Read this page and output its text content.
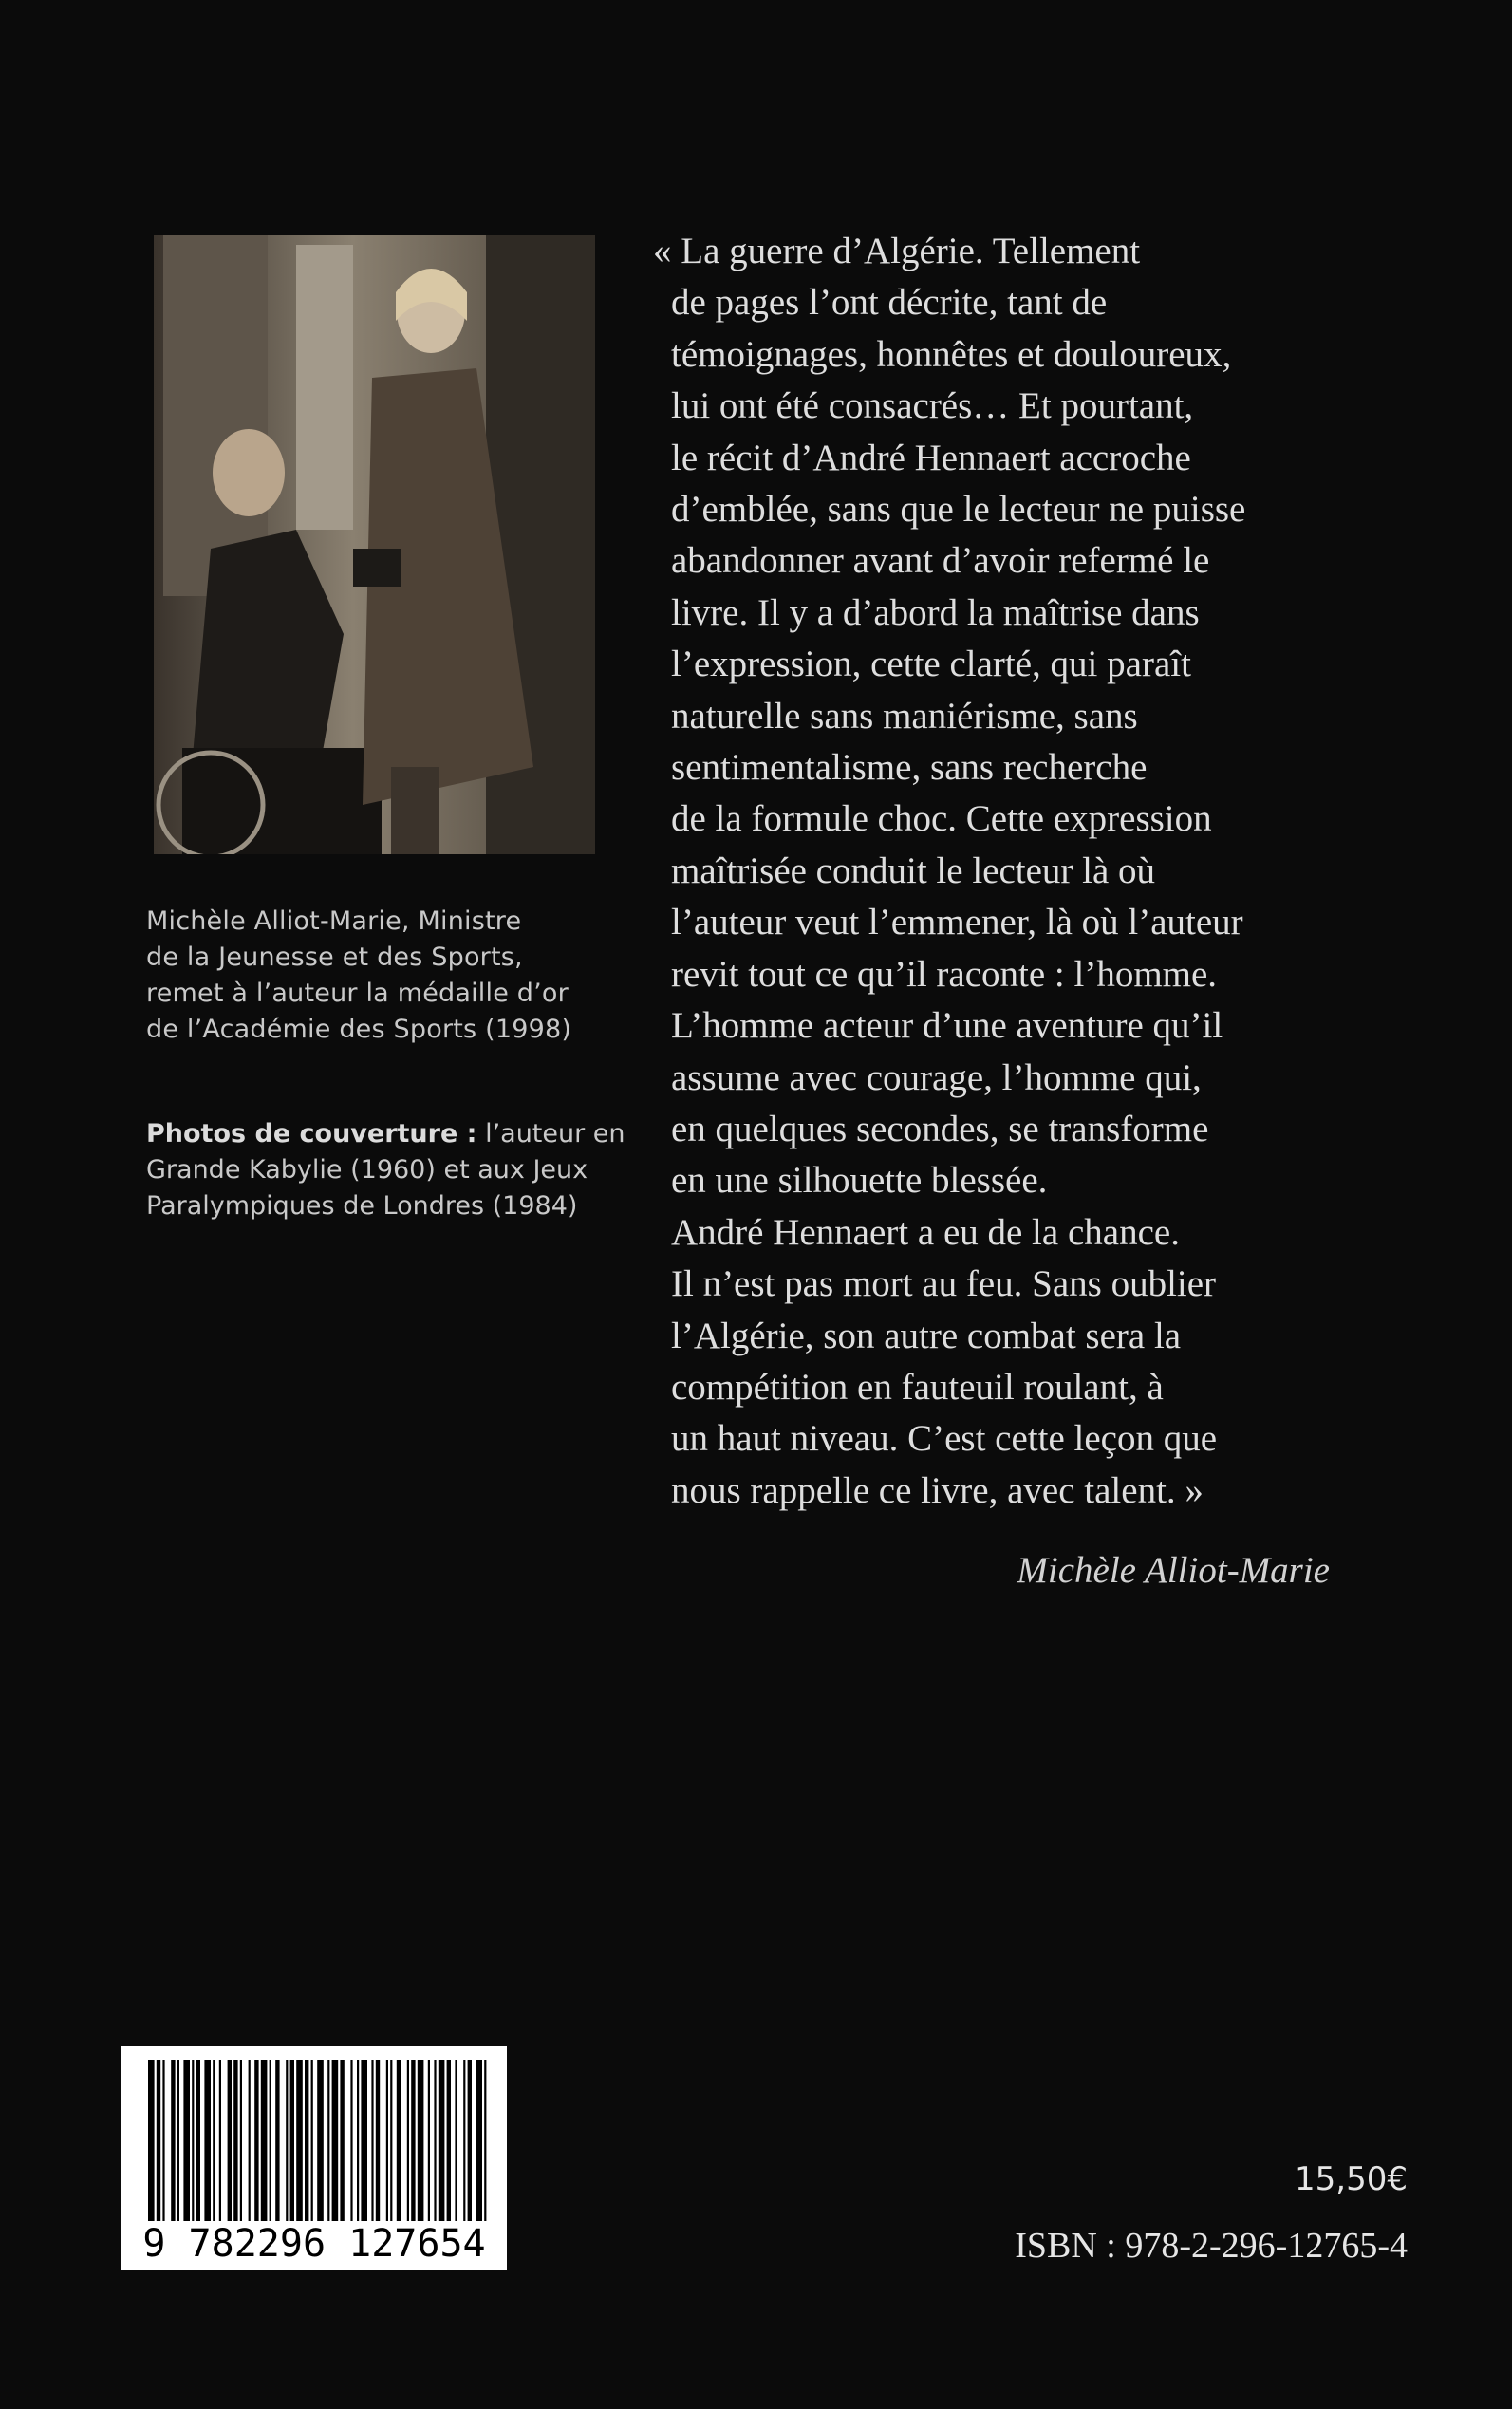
Michèle Alliot-Marie, Ministre
de la Jeunesse et des Sports,
remet à l’auteur la médaille d’or
de l’Académie des Sports (1998)
Photos de couverture : l’auteur en
Grande Kabylie (1960) et aux Jeux
Paralympiques de Londres (1984)
« La guerre d’Algérie. Tellement
de pages l’ont décrite, tant de
témoignages, honnêtes et douloureux,
lui ont été consacrés… Et pourtant,
le récit d’André Hennaert accroche
d’emblée, sans que le lecteur ne puisse
abandonner avant d’avoir refermé le
livre. Il y a d’abord la maîtrise dans
l’expression, cette clarté, qui paraît
naturelle sans maniérisme, sans
sentimentalisme, sans recherche
de la formule choc. Cette expression
maîtrisée conduit le lecteur là où
l’auteur veut l’emmener, là où l’auteur
revit tout ce qu’il raconte : l’homme.
L’homme acteur d’une aventure qu’il
assume avec courage, l’homme qui,
en quelques secondes, se transforme
en une silhouette blessée.
André Hennaert a eu de la chance.
Il n’est pas mort au feu. Sans oublier
l’Algérie, son autre combat sera la
compétition en fauteuil roulant, à
un haut niveau. C’est cette leçon que
nous rappelle ce livre, avec talent. »
Michèle Alliot-Marie
9 782296 127654
15,50€
ISBN : 978-2-296-12765-4
